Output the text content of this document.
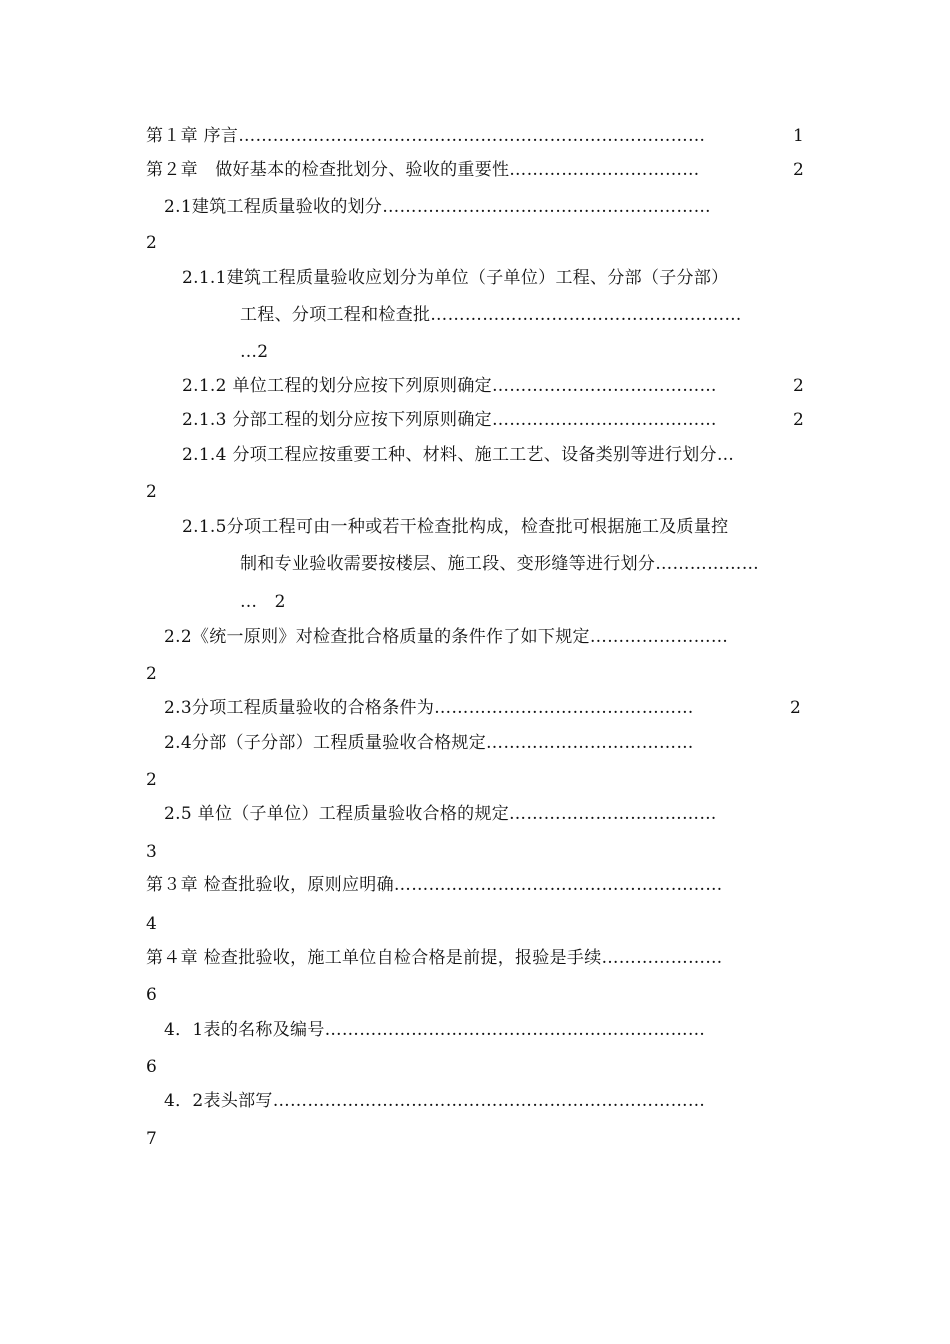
第１章 序言………………………………………………………………………	1
第２章　做好基本的检查批划分、验收的重要性……………………………	2
2.1建筑工程质量验收的划分…………………………………………………
2
2.1.1建筑工程质量验收应划分为单位（子单位）工程、分部（子分部）
工程、分项工程和检查批………………………………………………
…2
2.1.2 单位工程的划分应按下列原则确定…………………………………	2
2.1.3 分部工程的划分应按下列原则确定…………………………………	2
2.1.4 分项工程应按重要工种、材料、施工工艺、设备类别等进行划分…
2
2.1.5分项工程可由一种或若干检查批构成，检查批可根据施工及质量控
制和专业验收需要按楼层、施工段、变形缝等进行划分………………
…　2
2.2《统一原则》对检查批合格质量的条件作了如下规定……………………
2
2.3分项工程质量验收的合格条件为………………………………………	2
2.4分部（子分部）工程质量验收合格规定………………………………
2
2.5 单位（子单位）工程质量验收合格的规定………………………………
3
第３章 检查批验收，原则应明确…………………………………………………
4
第４章 检查批验收，施工单位自检合格是前提，报验是手续…………………
6
4．1表的名称及编号…………………………………………………………
6
4．2表头部写…………………………………………………………………
7
